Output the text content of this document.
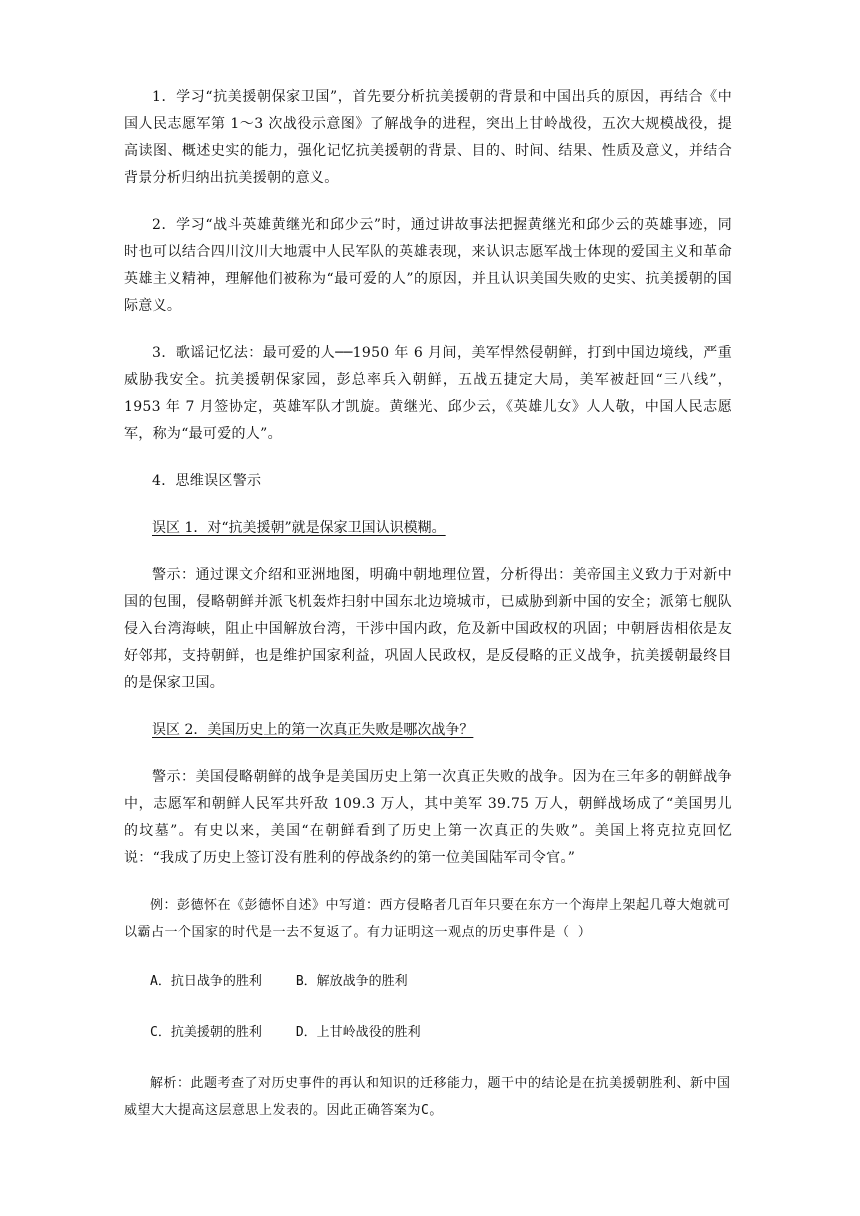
1．学习“抗美援朝保家卫国”，首先要分析抗美援朝的背景和中国出兵的原因，再结合《中国人民志愿军第 1～3 次战役示意图》了解战争的进程，突出上甘岭战役，五次大规模战役，提高读图、概述史实的能力，强化记忆抗美援朝的背景、目的、时间、结果、性质及意义，并结合背景分析归纳出抗美援朝的意义。

2．学习“战斗英雄黄继光和邱少云”时，通过讲故事法把握黄继光和邱少云的英雄事迹，同时也可以结合四川汶川大地震中人民军队的英雄表现，来认识志愿军战士体现的爱国主义和革命英雄主义精神，理解他们被称为“最可爱的人”的原因，并且认识美国失败的史实、抗美援朝的国际意义。

3．歌谣记忆法：最可爱的人──1950 年 6 月间，美军悍然侵朝鲜，打到中国边境线，严重威胁我安全。抗美援朝保家园，彭总率兵入朝鲜，五战五捷定大局，美军被赶回“三八线”，1953 年 7 月签协定，英雄军队才凯旋。黄继光、邱少云，《英雄儿女》人人敬，中国人民志愿军，称为“最可爱的人”。

4．思维误区警示

误区 1．对“抗美援朝”就是保家卫国认识模糊。

警示：通过课文介绍和亚洲地图，明确中朝地理位置，分析得出：美帝国主义致力于对新中国的包围，侵略朝鲜并派飞机轰炸扫射中国东北边境城市，已威胁到新中国的安全；派第七舰队侵入台湾海峡，阻止中国解放台湾，干涉中国内政，危及新中国政权的巩固；中朝唇齿相依是友好邻邦，支持朝鲜，也是维护国家利益，巩固人民政权，是反侵略的正义战争，抗美援朝最终目的是保家卫国。

误区 2．美国历史上的第一次真正失败是哪次战争？

警示：美国侵略朝鲜的战争是美国历史上第一次真正失败的战争。因为在三年多的朝鲜战争中，志愿军和朝鲜人民军共歼敌 109.3 万人，其中美军 39.75 万人，朝鲜战场成了“美国男儿的坟墓”。有史以来，美国“在朝鲜看到了历史上第一次真正的失败”。美国上将克拉克回忆说：“我成了历史上签订没有胜利的停战条约的第一位美国陆军司令官。”

例：彭德怀在《彭德怀自述》中写道：西方侵略者几百年只要在东方一个海岸上架起几尊大炮就可以霸占一个国家的时代是一去不复返了。有力证明这一观点的历史事件是（ ）

A．抗日战争的胜利	B．解放战争的胜利
C．抗美援朝的胜利	D．上甘岭战役的胜利

解析：此题考查了对历史事件的再认和知识的迁移能力，题干中的结论是在抗美援朝胜利、新中国威望大大提高这层意思上发表的。因此正确答案为C。
